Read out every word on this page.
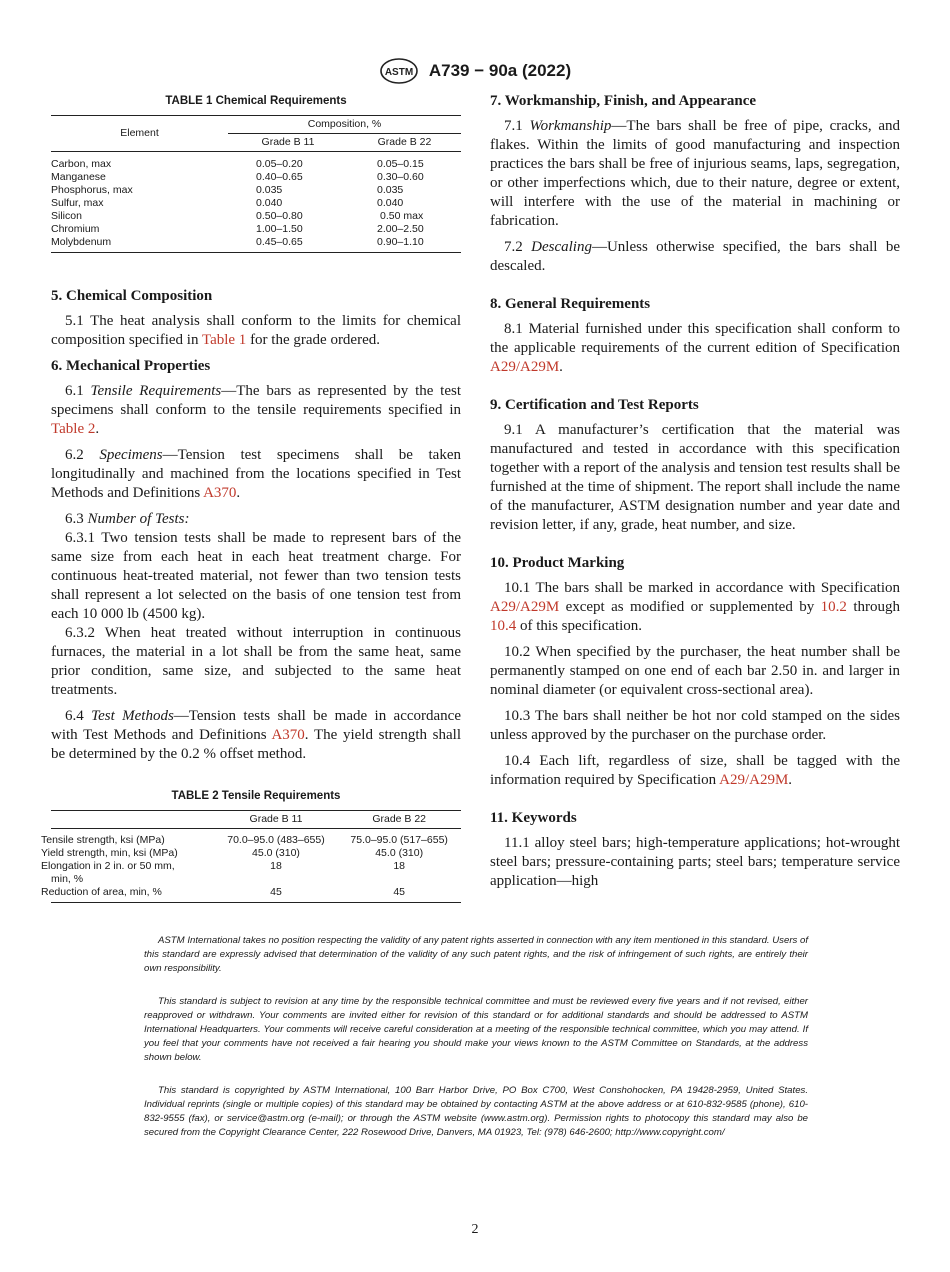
ASTM A739 − 90a (2022)
TABLE 1 Chemical Requirements
Element	Composition, %	
	Grade B 11	Grade B 22

Carbon, max	0.05–0.20	0.05–0.15
Manganese	0.40–0.65	0.30–0.60
Phosphorus, max	0.035	0.035
Sulfur, max	0.040	0.040
Silicon	0.50–0.80	0.50 max
Chromium	1.00–1.50	2.00–2.50
Molybdenum	0.45–0.65	0.90–1.10
5. Chemical Composition

5.1 The heat analysis shall conform to the limits for chemical composition specified in Table 1 for the grade ordered.

6. Mechanical Properties

6.1 Tensile Requirements—The bars as represented by the test specimens shall conform to the tensile requirements specified in Table 2.

6.2 Specimens—Tension test specimens shall be taken longitudinally and machined from the locations specified in Test Methods and Definitions A370.

6.3 Number of Tests:

6.3.1 Two tension tests shall be made to represent bars of the same size from each heat in each heat treatment charge. For continuous heat-treated material, not fewer than two tension tests shall represent a lot selected on the basis of one tension test from each 10 000 lb (4500 kg).

6.3.2 When heat treated without interruption in continuous furnaces, the material in a lot shall be from the same heat, same prior condition, same size, and subjected to the same heat treatments.

6.4 Test Methods—Tension tests shall be made in accordance with Test Methods and Definitions A370. The yield strength shall be determined by the 0.2 % offset method.

TABLE 2 Tensile Requirements
	Grade B 11	Grade B 22

Tensile strength, ksi (MPa)	70.0–95.0 (483–655)	75.0–95.0 (517–655)
Yield strength, min, ksi (MPa)	45.0 (310)	45.0 (310)
Elongation in 2 in. or 50 mm, min, %	18	18
Reduction of area, min, %	45	45
7. Workmanship, Finish, and Appearance

7.1 Workmanship—The bars shall be free of pipe, cracks, and flakes. Within the limits of good manufacturing and inspection practices the bars shall be free of injurious seams, laps, segregation, or other imperfections which, due to their nature, degree or extent, will interfere with the use of the material in machining or fabrication.

7.2 Descaling—Unless otherwise specified, the bars shall be descaled.

8. General Requirements

8.1 Material furnished under this specification shall conform to the applicable requirements of the current edition of Specification A29/A29M.

9. Certification and Test Reports

9.1 A manufacturer’s certification that the material was manufactured and tested in accordance with this specification together with a report of the analysis and tension test results shall be furnished at the time of shipment. The report shall include the name of the manufacturer, ASTM designation number and year date and revision letter, if any, grade, heat number, and size.

10. Product Marking

10.1 The bars shall be marked in accordance with Specification A29/A29M except as modified or supplemented by 10.2 through 10.4 of this specification.

10.2 When specified by the purchaser, the heat number shall be permanently stamped on one end of each bar 2.50 in. and larger in nominal diameter (or equivalent cross-sectional area).

10.3 The bars shall neither be hot nor cold stamped on the sides unless approved by the purchaser on the purchase order.

10.4 Each lift, regardless of size, shall be tagged with the information required by Specification A29/A29M.

11. Keywords

11.1 alloy steel bars; high-temperature applications; hot-wrought steel bars; pressure-containing parts; steel bars; temperature service application—high

ASTM International takes no position respecting the validity of any patent rights asserted in connection with any item mentioned in this standard. Users of this standard are expressly advised that determination of the validity of any such patent rights, and the risk of infringement of such rights, are entirely their own responsibility.

This standard is subject to revision at any time by the responsible technical committee and must be reviewed every five years and if not revised, either reapproved or withdrawn. Your comments are invited either for revision of this standard or for additional standards and should be addressed to ASTM International Headquarters. Your comments will receive careful consideration at a meeting of the responsible technical committee, which you may attend. If you feel that your comments have not received a fair hearing you should make your views known to the ASTM Committee on Standards, at the address shown below.

This standard is copyrighted by ASTM International, 100 Barr Harbor Drive, PO Box C700, West Conshohocken, PA 19428-2959, United States. Individual reprints (single or multiple copies) of this standard may be obtained by contacting ASTM at the above address or at 610-832-9585 (phone), 610-832-9555 (fax), or service@astm.org (e-mail); or through the ASTM website (www.astm.org). Permission rights to photocopy this standard may also be secured from the Copyright Clearance Center, 222 Rosewood Drive, Danvers, MA 01923, Tel: (978) 646-2600; http://www.copyright.com/

2
